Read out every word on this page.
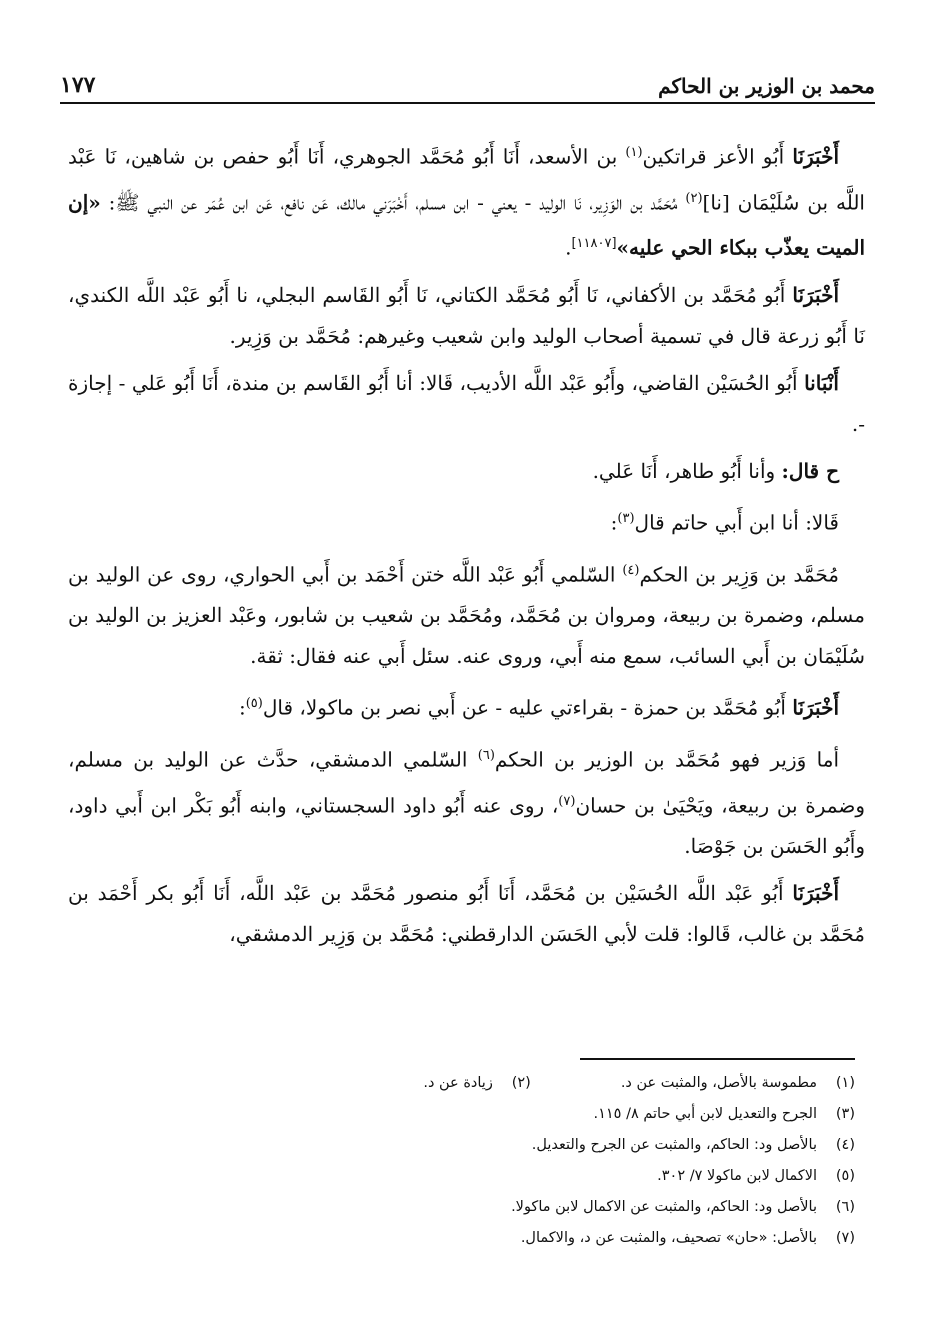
محمد بن الوزير بن الحاكم
١٧٧

أَخْبَرَنَا أَبُو الأعز قراتكين$^{(١)}$ بن الأسعد، أَنَا أَبُو مُحَمَّد الجوهري، أَنَا أَبُو حفص بن شاهين، نَا عَبْد اللَّه بن سُلَيْمَان [نا]$^{(٢)}$ مُحَمَّد بن الوَزِير، نَا الوليد - يعني - ابن مسلم، أَخْبَرَني مالك، عَن نافع، عَن ابن عُمَر عن النبي ﷺ: «إن الميت يعذّب ببكاء الحي عليه»[١١٨٠٧].

أَخْبَرَنَا أَبُو مُحَمَّد بن الأكفاني، نَا أَبُو مُحَمَّد الكتاني، نَا أَبُو القَاسم البجلي، نا أَبُو عَبْد اللَّه الكندي، نَا أَبُو زرعة قال في تسمية أصحاب الوليد وابن شعيب وغيرهم: مُحَمَّد بن وَزِير.

أَنْبَانا أَبُو الحُسَيْن القاضي، وأَبُو عَبْد اللَّه الأديب، قَالا: أنا أَبُو القَاسم بن مندة، أَنَا أَبُو عَلي - إجازة -.

ح قال: وأنا أَبُو طاهر، أَنَا عَلي.

قَالا: أنا ابن أَبي حاتم قال$^{(٣)}$:

مُحَمَّد بن وَزِير بن الحكم$^{(٤)}$ السّلمي أَبُو عَبْد اللَّه ختن أَحْمَد بن أَبي الحواري، روى عن الوليد بن مسلم، وضمرة بن ربيعة، ومروان بن مُحَمَّد، ومُحَمَّد بن شعيب بن شابور، وعَبْد العزيز بن الوليد بن سُلَيْمَان بن أَبي السائب، سمع منه أَبي، وروى عنه. سئل أَبي عنه فقال: ثقة.

أَخْبَرَنَا أَبُو مُحَمَّد بن حمزة - بقراءتي عليه - عن أَبي نصر بن ماكولا، قال$^{(٥)}$:

أما وَزير فهو مُحَمَّد بن الوزير بن الحكم$^{(٦)}$ السّلمي الدمشقي، حدَّث عن الوليد بن مسلم، وضمرة بن ربيعة، ويَحْيَىٰ بن حسان$^{(٧)}$، روى عنه أَبُو داود السجستاني، وابنه أَبُو بَكْر ابن أَبي داود، وأَبُو الحَسَن بن جَوْصَا.

أَخْبَرَنَا أَبُو عَبْد اللَّه الحُسَيْن بن مُحَمَّد، أَنَا أَبُو منصور مُحَمَّد بن عَبْد اللَّه، أَنَا أَبُو بكر أَحْمَد بن مُحَمَّد بن غالب، قَالوا: قلت لأبي الحَسَن الدارقطني: مُحَمَّد بن وَزِير الدمشقي،

(١)
مطموسة بالأصل، والمثبت عن د.
(٢)
زيادة عن د.
(٣)
الجرح والتعديل لابن أبي حاتم ٨/ ١١٥.
(٤)
بالأصل ود: الحاكم، والمثبت عن الجرح والتعديل.
(٥)
الاكمال لابن ماكولا ٧/ ٣٠٢.
(٦)
بالأصل ود: الحاكم، والمثبت عن الاكمال لابن ماكولا.
(٧)
بالأصل: «حان» تصحيف، والمثبت عن د، والاكمال.
